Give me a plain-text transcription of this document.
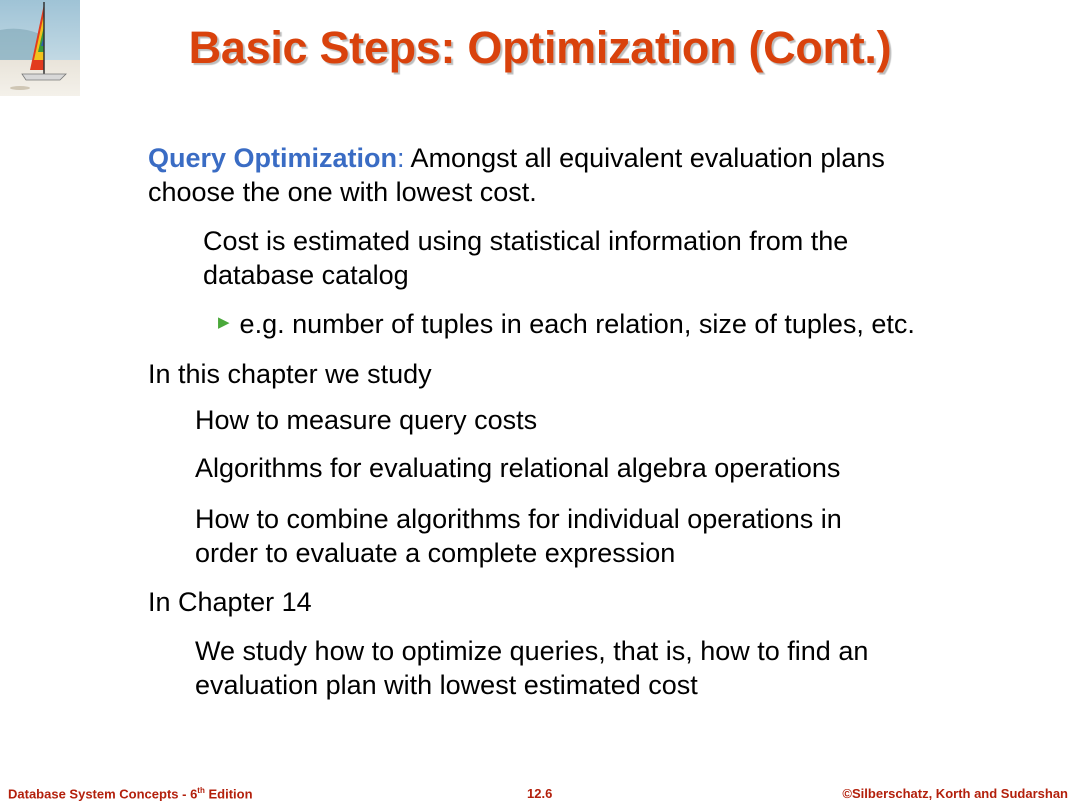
Basic Steps: Optimization (Cont.)
Query Optimization: Amongst all equivalent evaluation plans
choose the one with lowest cost.
Cost is estimated using statistical information from the
database catalog
▶ e.g. number of tuples in each relation, size of tuples, etc.
In this chapter we study
How to measure query costs
Algorithms for evaluating relational algebra operations
How to combine algorithms for individual operations in
order to evaluate a complete expression
In Chapter 14
We study how to optimize queries, that is, how to find an
evaluation plan with lowest estimated cost
Database System Concepts - 6th Edition	12.6	©Silberschatz, Korth and Sudarshan
